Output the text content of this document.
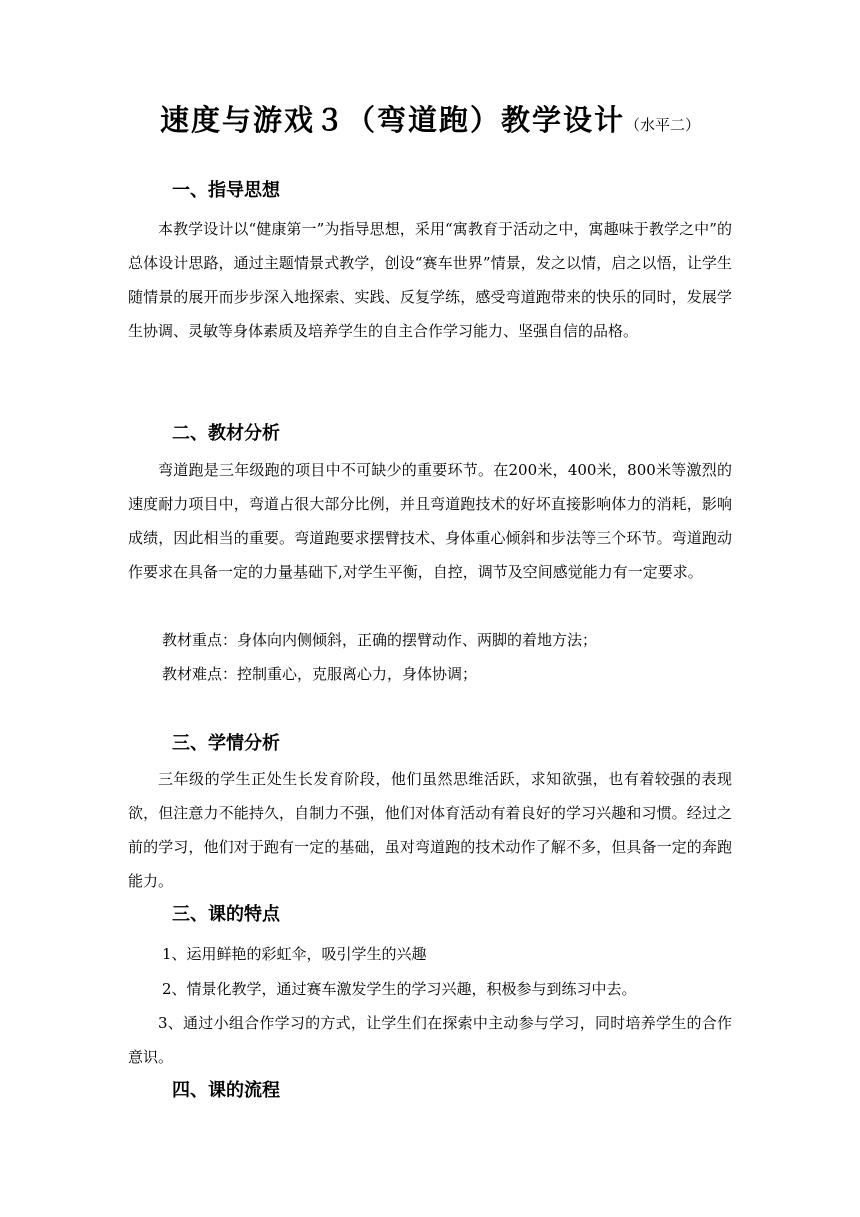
速度与游戏３（弯道跑）教学设计（水平二）
一、指导思想

本教学设计以“健康第一”为指导思想，采用“寓教育于活动之中，寓趣味于教学之中”的总体设计思路，通过主题情景式教学，创设“赛车世界”情景，发之以情，启之以悟，让学生随情景的展开而步步深入地探索、实践、反复学练，感受弯道跑带来的快乐的同时，发展学生协调、灵敏等身体素质及培养学生的自主合作学习能力、坚强自信的品格。

二、教材分析

弯道跑是三年级跑的项目中不可缺少的重要环节。在200米，400米，800米等激烈的速度耐力项目中，弯道占很大部分比例，并且弯道跑技术的好坏直接影响体力的消耗，影响成绩，因此相当的重要。弯道跑要求摆臂技术、身体重心倾斜和步法等三个环节。弯道跑动作要求在具备一定的力量基础下,对学生平衡，自控，调节及空间感觉能力有一定要求。

教材重点：身体向内侧倾斜，正确的摆臂动作、两脚的着地方法；
教材难点：控制重心，克服离心力，身体协调；
三、学情分析

三年级的学生正处生长发育阶段，他们虽然思维活跃，求知欲强，也有着较强的表现欲，但注意力不能持久，自制力不强，他们对体育活动有着良好的学习兴趣和习惯。经过之前的学习，他们对于跑有一定的基础，虽对弯道跑的技术动作了解不多，但具备一定的奔跑能力。

三、课的特点
1、运用鲜艳的彩虹伞，吸引学生的兴趣
2、情景化教学，通过赛车激发学生的学习兴趣，积极参与到练习中去。

3、通过小组合作学习的方式，让学生们在探索中主动参与学习，同时培养学生的合作意识。

四、课的流程
